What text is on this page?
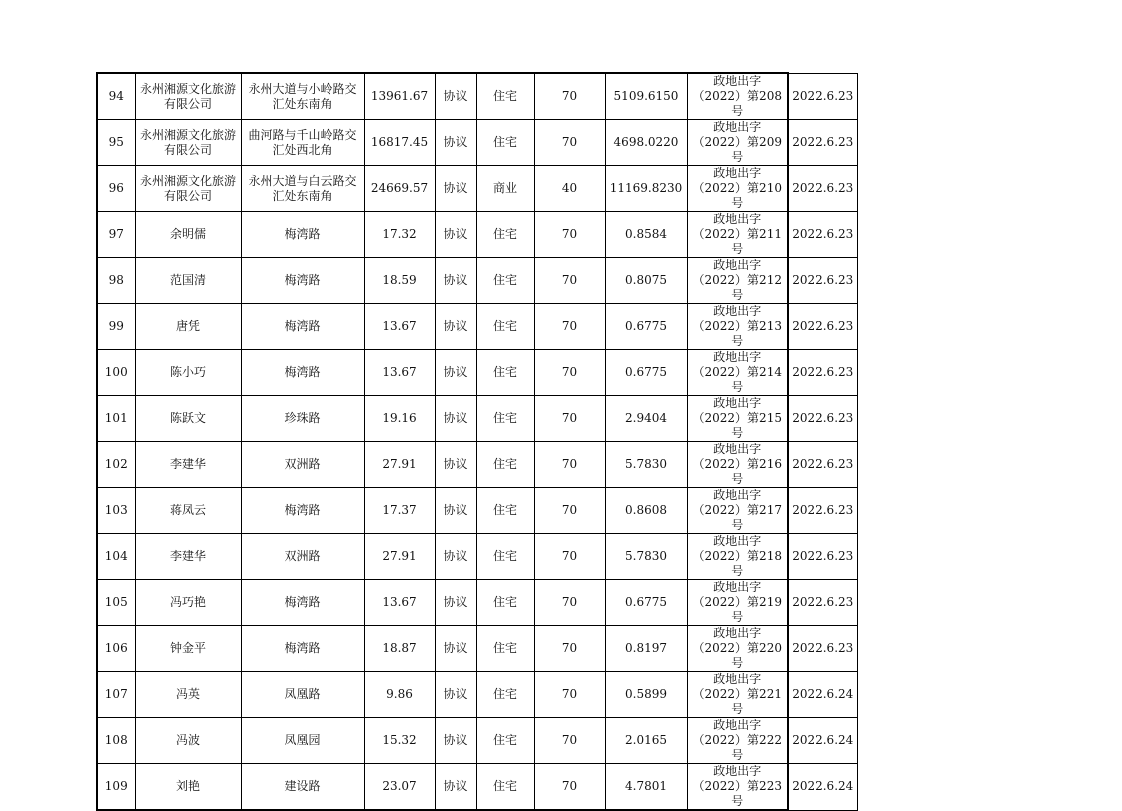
94	永州湘源文化旅游有限公司	永州大道与小岭路交汇处东南角	13961.67	协议	住宅	70	5109.6150	政地出字（2022）第208号	2022.6.23
95	永州湘源文化旅游有限公司	曲河路与千山岭路交汇处西北角	16817.45	协议	住宅	70	4698.0220	政地出字（2022）第209号	2022.6.23
96	永州湘源文化旅游有限公司	永州大道与白云路交汇处东南角	24669.57	协议	商业	40	11169.8230	政地出字（2022）第210号	2022.6.23
97	余明儒	梅湾路	17.32	协议	住宅	70	0.8584	政地出字（2022）第211号	2022.6.23
98	范国清	梅湾路	18.59	协议	住宅	70	0.8075	政地出字（2022）第212号	2022.6.23
99	唐凭	梅湾路	13.67	协议	住宅	70	0.6775	政地出字（2022）第213号	2022.6.23
100	陈小巧	梅湾路	13.67	协议	住宅	70	0.6775	政地出字（2022）第214号	2022.6.23
101	陈跃文	珍珠路	19.16	协议	住宅	70	2.9404	政地出字（2022）第215号	2022.6.23
102	李建华	双洲路	27.91	协议	住宅	70	5.7830	政地出字（2022）第216号	2022.6.23
103	蒋凤云	梅湾路	17.37	协议	住宅	70	0.8608	政地出字（2022）第217号	2022.6.23
104	李建华	双洲路	27.91	协议	住宅	70	5.7830	政地出字（2022）第218号	2022.6.23
105	冯巧艳	梅湾路	13.67	协议	住宅	70	0.6775	政地出字（2022）第219号	2022.6.23
106	钟金平	梅湾路	18.87	协议	住宅	70	0.8197	政地出字（2022）第220号	2022.6.23
107	冯英	凤凰路	9.86	协议	住宅	70	0.5899	政地出字（2022）第221号	2022.6.24
108	冯波	凤凰园	15.32	协议	住宅	70	2.0165	政地出字（2022）第222号	2022.6.24
109	刘艳	建设路	23.07	协议	住宅	70	4.7801	政地出字（2022）第223号	2022.6.24
